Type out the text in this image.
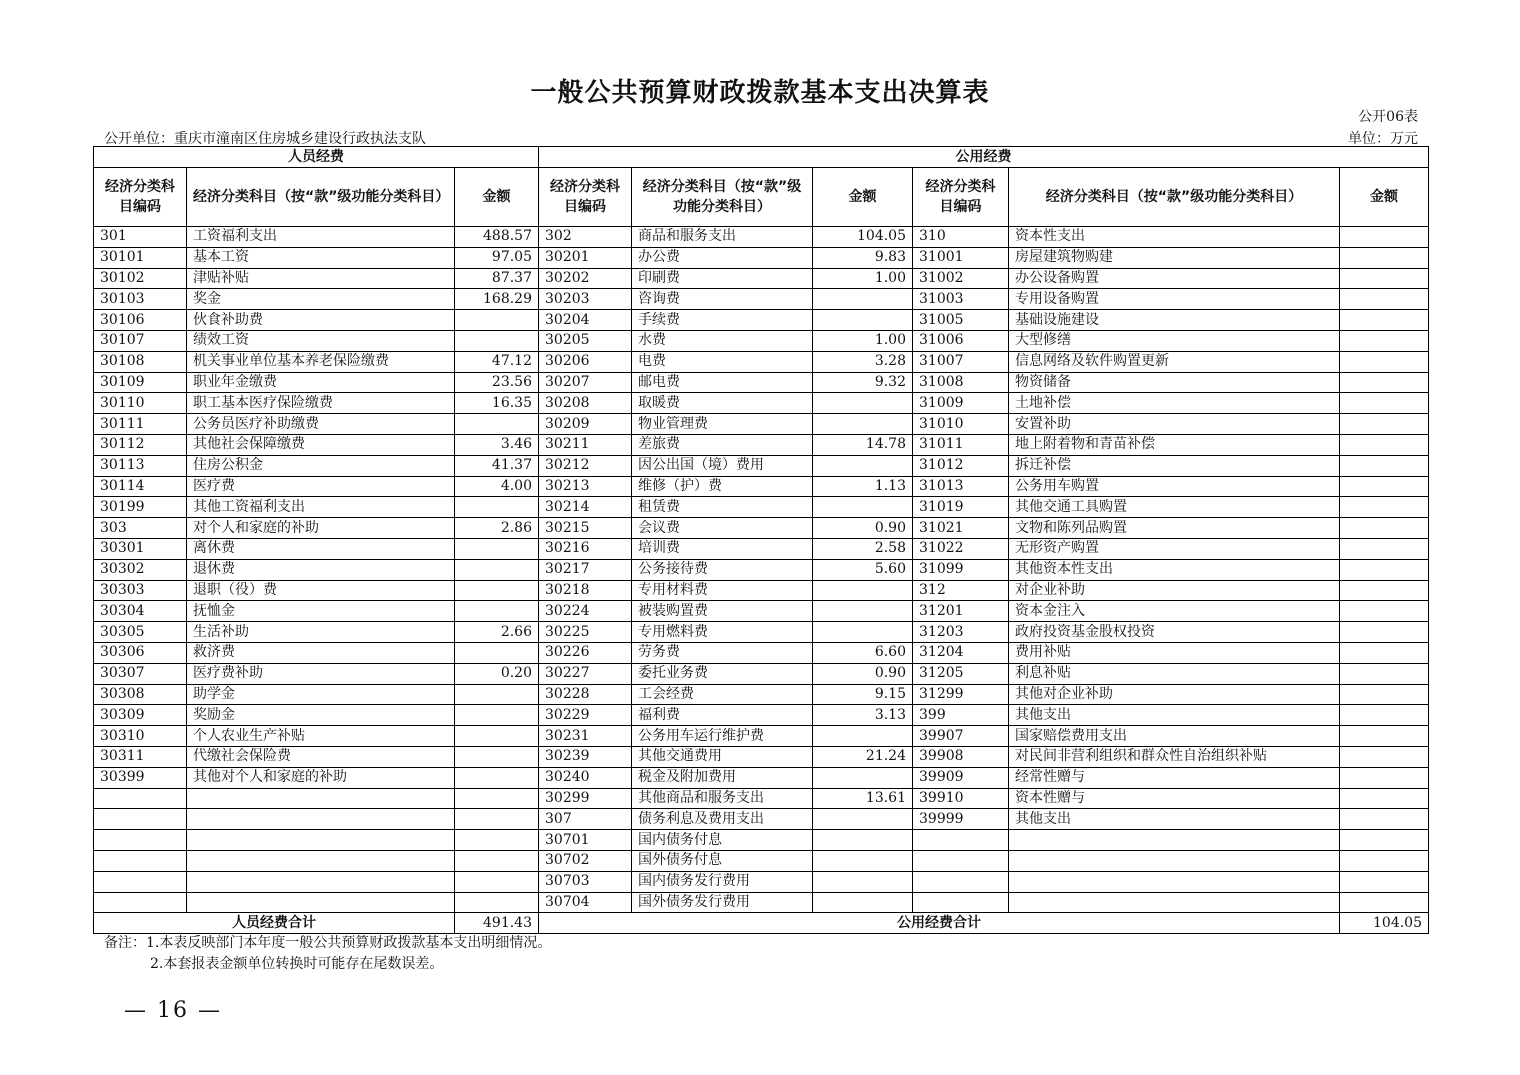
一般公共预算财政拨款基本支出决算表
公开06表
公开单位：重庆市潼南区住房城乡建设行政执法支队	单位：万元
人员经费			公用经费					
经济分类科目编码	经济分类科目（按“款”级功能分类科目）	金额	经济分类科目编码	经济分类科目（按“款”级功能分类科目）	金额	经济分类科目编码	经济分类科目（按“款”级功能分类科目）	金额
301	工资福利支出	488.57	302	商品和服务支出	104.05	310	资本性支出	
30101	基本工资	97.05	30201	办公费	9.83	31001	房屋建筑物购建	
30102	津贴补贴	87.37	30202	印刷费	1.00	31002	办公设备购置	
30103	奖金	168.29	30203	咨询费		31003	专用设备购置	
30106	伙食补助费		30204	手续费		31005	基础设施建设	
30107	绩效工资		30205	水费	1.00	31006	大型修缮	
30108	机关事业单位基本养老保险缴费	47.12	30206	电费	3.28	31007	信息网络及软件购置更新	
30109	职业年金缴费	23.56	30207	邮电费	9.32	31008	物资储备	
30110	职工基本医疗保险缴费	16.35	30208	取暖费		31009	土地补偿	
30111	公务员医疗补助缴费		30209	物业管理费		31010	安置补助	
30112	其他社会保障缴费	3.46	30211	差旅费	14.78	31011	地上附着物和青苗补偿	
30113	住房公积金	41.37	30212	因公出国（境）费用		31012	拆迁补偿	
30114	医疗费	4.00	30213	维修（护）费	1.13	31013	公务用车购置	
30199	其他工资福利支出		30214	租赁费		31019	其他交通工具购置	
303	对个人和家庭的补助	2.86	30215	会议费	0.90	31021	文物和陈列品购置	
30301	离休费		30216	培训费	2.58	31022	无形资产购置	
30302	退休费		30217	公务接待费	5.60	31099	其他资本性支出	
30303	退职（役）费		30218	专用材料费		312	对企业补助	
30304	抚恤金		30224	被装购置费		31201	资本金注入	
30305	生活补助	2.66	30225	专用燃料费		31203	政府投资基金股权投资	
30306	救济费		30226	劳务费	6.60	31204	费用补贴	
30307	医疗费补助	0.20	30227	委托业务费	0.90	31205	利息补贴	
30308	助学金		30228	工会经费	9.15	31299	其他对企业补助	
30309	奖励金		30229	福利费	3.13	399	其他支出	
30310	个人农业生产补贴		30231	公务用车运行维护费		39907	国家赔偿费用支出	
30311	代缴社会保险费		30239	其他交通费用	21.24	39908	对民间非营利组织和群众性自治组织补贴	
30399	其他对个人和家庭的补助		30240	税金及附加费用		39909	经常性赠与	
			30299	其他商品和服务支出	13.61	39910	资本性赠与	
			307	债务利息及费用支出		39999	其他支出	
			30701	国内债务付息				
			30702	国外债务付息				
			30703	国内债务发行费用				
			30704	国外债务发行费用				
人员经费合计		491.43	公用经费合计					104.05
备注：1.本表反映部门本年度一般公共预算财政拨款基本支出明细情况。
2.本套报表金额单位转换时可能存在尾数误差。
— 16 —
